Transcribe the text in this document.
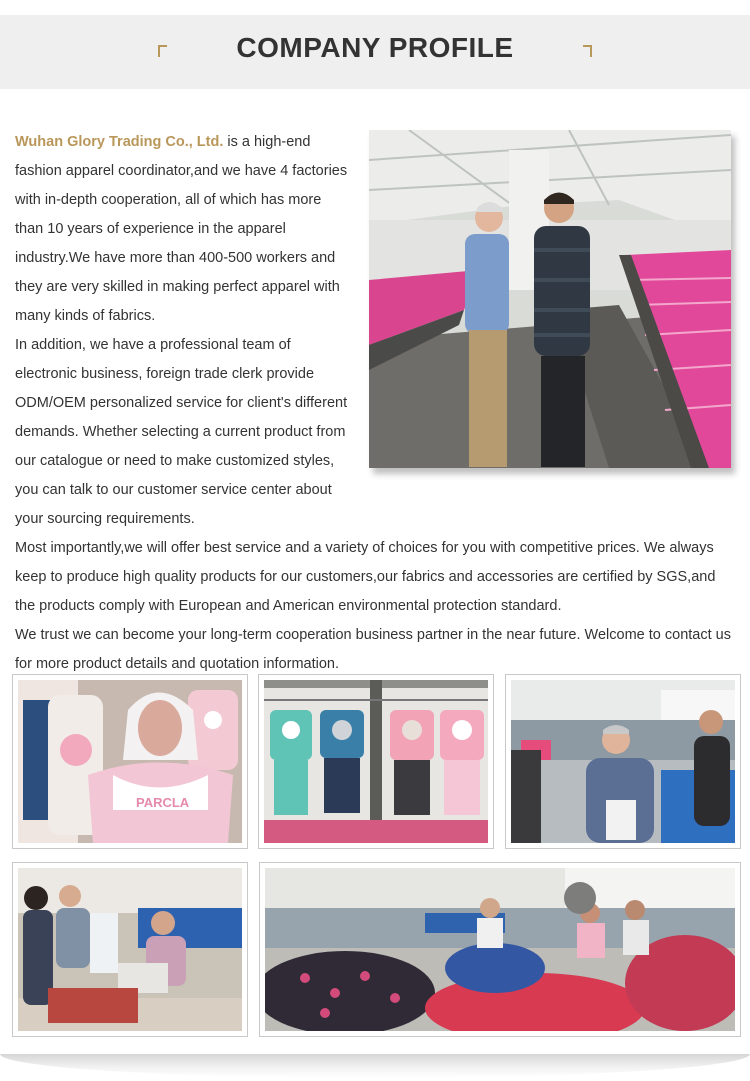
COMPANY PROFILE

Wuhan Glory Trading Co., Ltd. is a high-end fashion apparel coordinator,and we have 4 factories with in-depth cooperation, all of which has more than 10 years of experience in the apparel industry.We have more than 400-500 workers and they are very skilled in making perfect apparel with many kinds of fabrics.

In addition, we have a professional team of electronic business, foreign trade clerk provide ODM/OEM personalized service for client's different demands. Whether selecting a current product from our catalogue or need to make customized styles, you can talk to our customer service center about your sourcing requirements.

Most importantly,we will offer best service and a variety of choices for you with competitive prices. We always keep to produce high quality products for our customers,our fabrics and accessories are certified by SGS,and the products comply with European and American environmental protection standard.

We trust we can become your long-term cooperation business partner in the near future. Welcome to contact us for more product details and quotation information.

PARCLA
